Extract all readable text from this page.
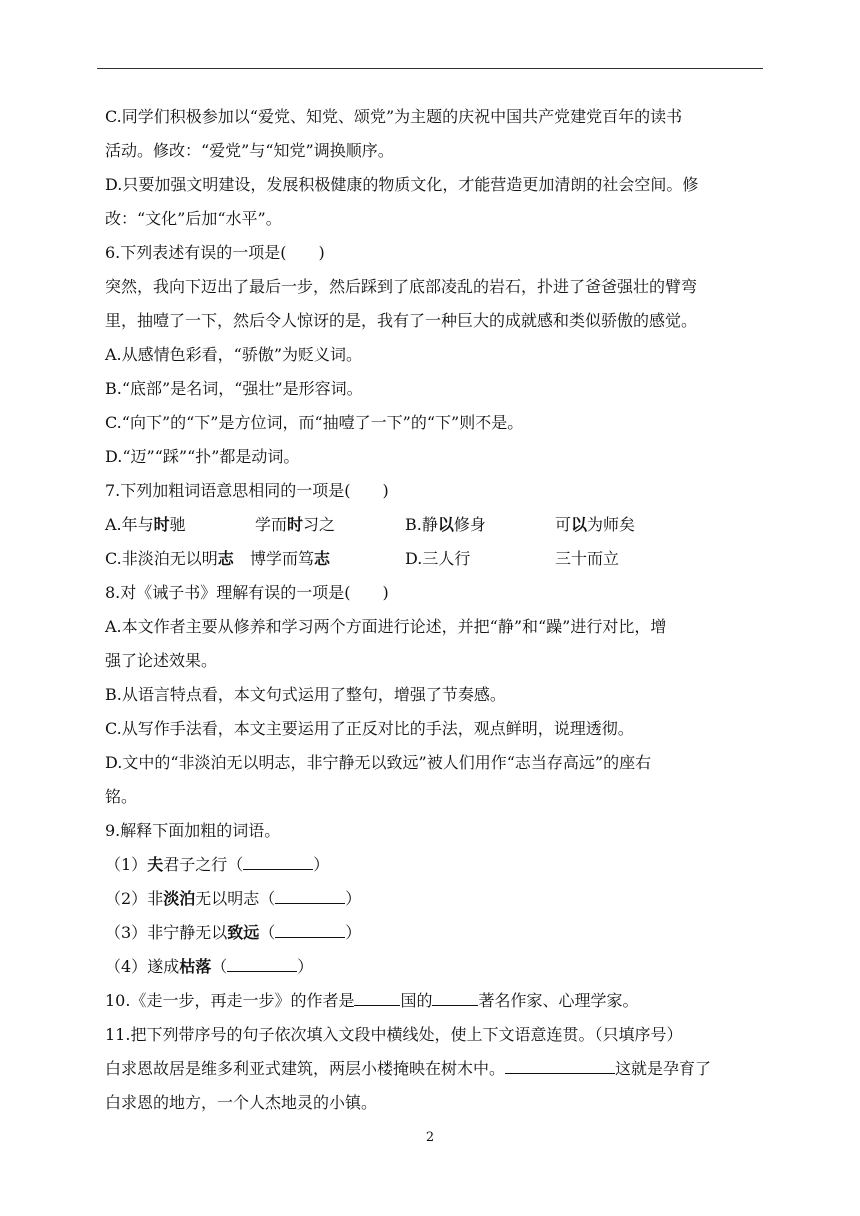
C.同学们积极参加以“爱党、知党、颂党”为主题的庆祝中国共产党建党百年的读书
活动。修改：“爱党”与“知党”调换顺序。
D.只要加强文明建设，发展积极健康的物质文化，才能营造更加清朗的社会空间。修
改：“文化”后加“水平”。
6.下列表述有误的一项是(　　)
突然，我向下迈出了最后一步，然后踩到了底部凌乱的岩石，扑进了爸爸强壮的臂弯
里，抽噎了一下，然后令人惊讶的是，我有了一种巨大的成就感和类似骄傲的感觉。
A.从感情色彩看，“骄傲”为贬义词。
B.“底部”是名词，“强壮”是形容词。
C.“向下”的“下”是方位词，而“抽噎了一下”的“下”则不是。
D.“迈”“踩”“扑”都是动词。
7.下列加粗词语意思相同的一项是(　　)
A.年与时驰	学而时习之	B.静以修身	可以为师矣
C.非淡泊无以明志	博学而笃志	D.三人行	三十而立
8.对《诫子书》理解有误的一项是(　　)
A.本文作者主要从修养和学习两个方面进行论述，并把“静”和“躁”进行对比，增
强了论述效果。
B.从语言特点看，本文句式运用了整句，增强了节奏感。
C.从写作手法看，本文主要运用了正反对比的手法，观点鲜明，说理透彻。
D.文中的“非淡泊无以明志，非宁静无以致远”被人们用作“志当存高远”的座右
铭。
9.解释下面加粗的词语。
（1）夫君子之行（	）
（2）非淡泊无以明志（	）
（3）非宁静无以致远（	）
（4）遂成枯落（	）
10.《走一步，再走一步》的作者是	国的	著名作家、心理学家。
11.把下列带序号的句子依次填入文段中横线处，使上下文语意连贯。（只填序号）
白求恩故居是维多利亚式建筑，两层小楼掩映在树木中。	这就是孕育了
白求恩的地方，一个人杰地灵的小镇。
2
